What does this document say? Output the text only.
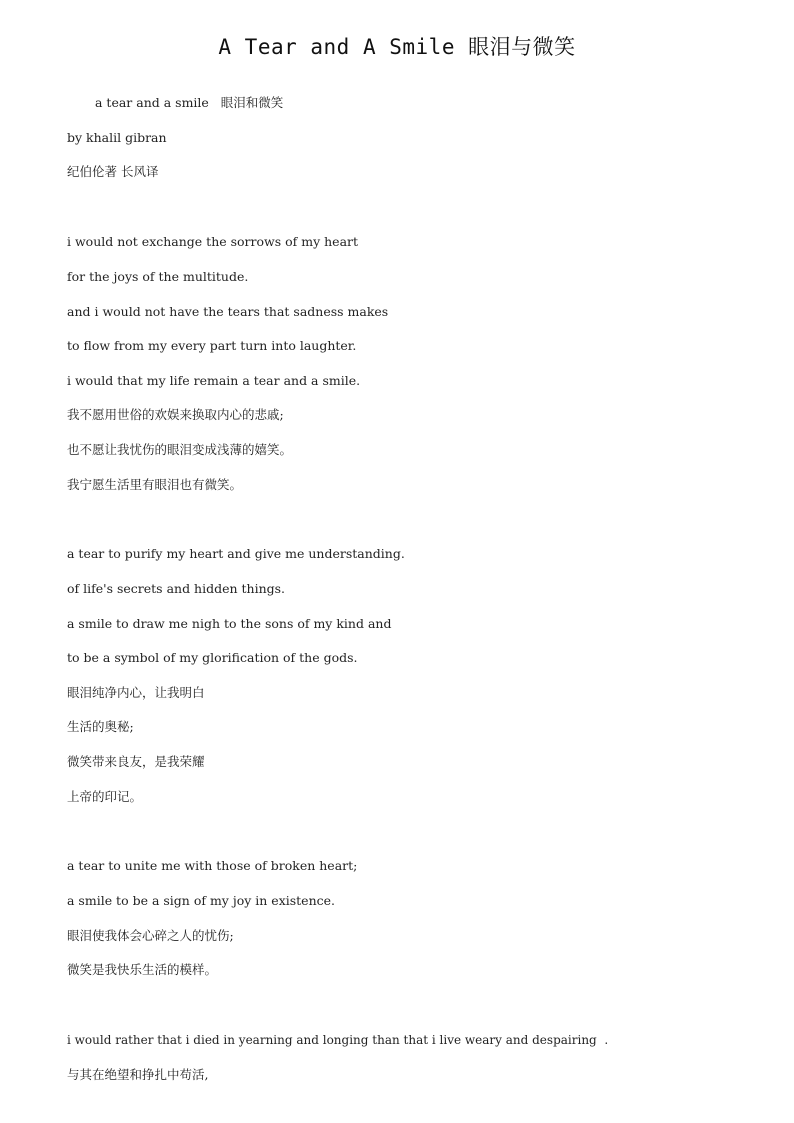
A Tear and A Smile 眼泪与微笑

a tear and a smile   眼泪和微笑

by khalil gibran

纪伯伦著 长风译

i would not exchange the sorrows of my heart

for the joys of the multitude.

and i would not have the tears that sadness makes

to flow from my every part turn into laughter.

i would that my life remain a tear and a smile.

我不愿用世俗的欢娱来换取内心的悲戚;

也不愿让我忧伤的眼泪变成浅薄的嬉笑。

我宁愿生活里有眼泪也有微笑。

a tear to purify my heart and give me understanding.

of life's secrets and hidden things.

a smile to draw me nigh to the sons of my kind and

to be a symbol of my glorification of the gods.

眼泪纯净内心，让我明白

生活的奥秘;

微笑带来良友，是我荣耀

上帝的印记。

a tear to unite me with those of broken heart;

a smile to be a sign of my joy in existence.

眼泪使我体会心碎之人的忧伤;

微笑是我快乐生活的模样。

i would rather that i died in yearning and longing than that i live weary and despairing  .

与其在绝望和挣扎中苟活,
